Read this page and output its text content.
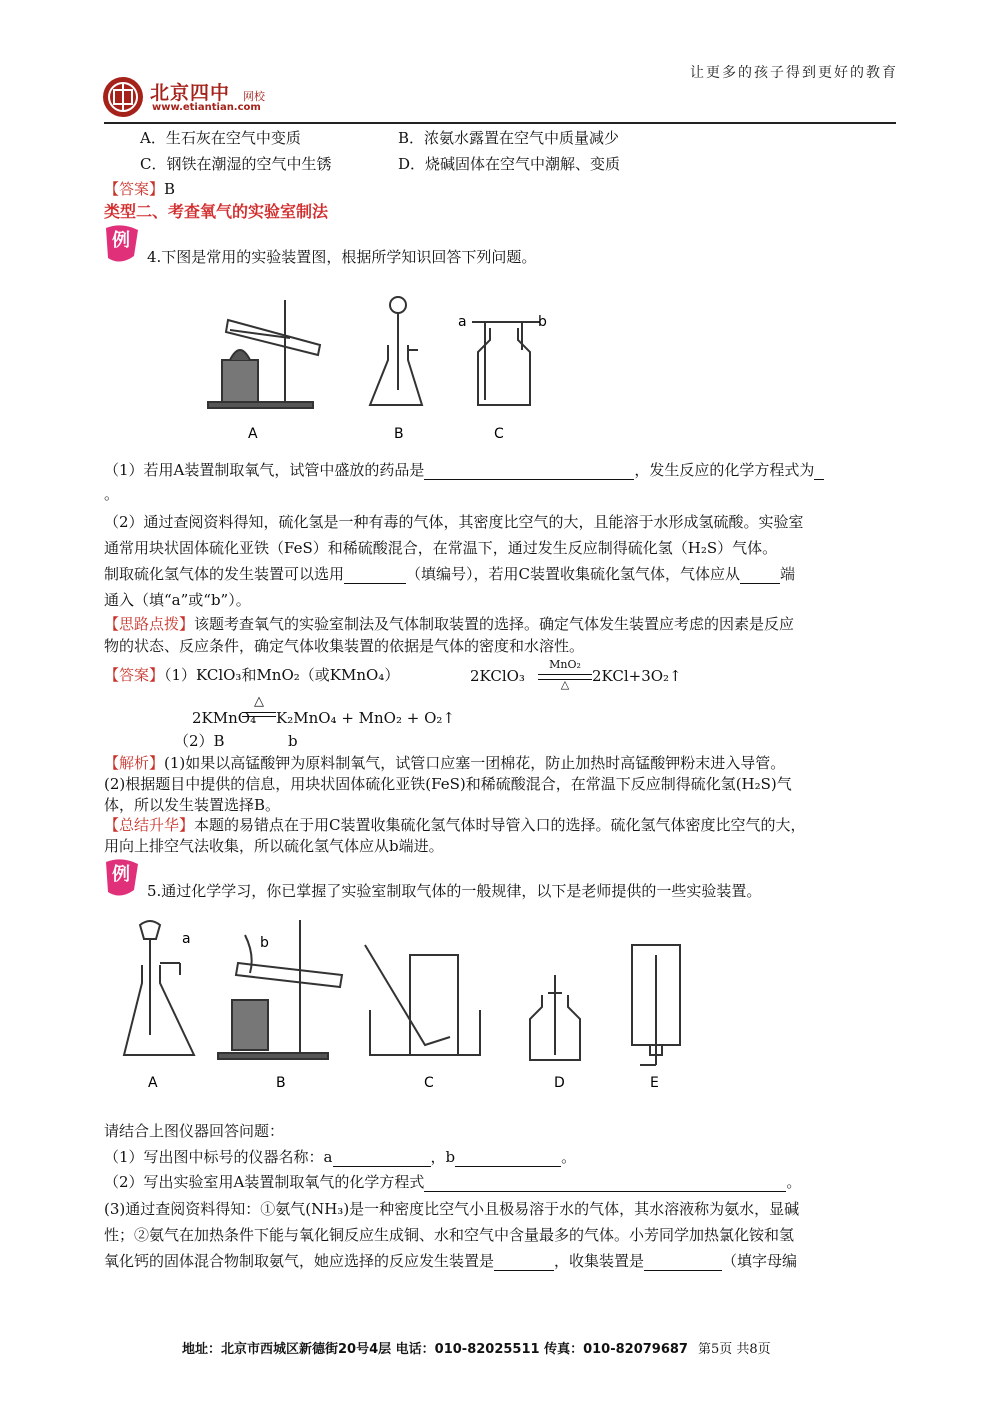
让更多的孩子得到更好的教育
北京四中 网校
www.etiantian.com
A．生石灰在空气中变质	B．浓氨水露置在空气中质量减少
C．钢铁在潮湿的空气中生锈	D．烧碱固体在空气中潮解、变质
【答案】B
类型二、考查氧气的实验室制法
例
4.下图是常用的实验装置图，根据所学知识回答下列问题。
A	B	C
a	b
（1）若用A装置制取氧气，试管中盛放的药品是	，发生反应的化学方程式为
。
（2）通过查阅资料得知，硫化氢是一种有毒的气体，其密度比空气的大，且能溶于水形成氢硫酸。实验室
通常用块状固体硫化亚铁（FeS）和稀硫酸混合，在常温下，通过发生反应制得硫化氢（H₂S）气体。
制取硫化氢气体的发生装置可以选用	（填编号），若用C装置收集硫化氢气体，气体应从	端
通入（填“a”或“b”）。
【思路点拨】该题考查氧气的实验室制法及气体制取装置的选择。确定气体发生装置应考虑的因素是反应
物的状态、反应条件，确定气体收集装置的依据是气体的密度和水溶性。
【答案】（1）KClO₃和MnO₂（或KMnO₄）	2KClO₃
MnO₂
△	2KCl+3O₂↑
2KMnO₄
△
K₂MnO₄ + MnO₂ + O₂↑
（2）B	b
【解析】(1)如果以高锰酸钾为原料制氧气，试管口应塞一团棉花，防止加热时高锰酸钾粉末进入导管。
(2)根据题目中提供的信息，用块状固体硫化亚铁(FeS)和稀硫酸混合，在常温下反应制得硫化氢(H₂S)气
体，所以发生装置选择B。
【总结升华】本题的易错点在于用C装置收集硫化氢气体时导管入口的选择。硫化氢气体密度比空气的大，
用向上排空气法收集，所以硫化氢气体应从b端进。
例
5.通过化学学习，你已掌握了实验室制取气体的一般规律，以下是老师提供的一些实验装置。
A	B	C	D	E
a	b
请结合上图仪器回答问题：
（1）写出图中标号的仪器名称：a	，b	。
（2）写出实验室用A装置制取氧气的化学方程式	。
(3)通过查阅资料得知：①氨气(NH₃)是一种密度比空气小且极易溶于水的气体，其水溶液称为氨水，显碱
性；②氨气在加热条件下能与氧化铜反应生成铜、水和空气中含量最多的气体。小芳同学加热氯化铵和氢
氧化钙的固体混合物制取氨气，她应选择的反应发生装置是	，收集装置是	（填字母编
地址：北京市西城区新德街20号4层 电话：010-82025511 传真：010-82079687 第5页 共8页
